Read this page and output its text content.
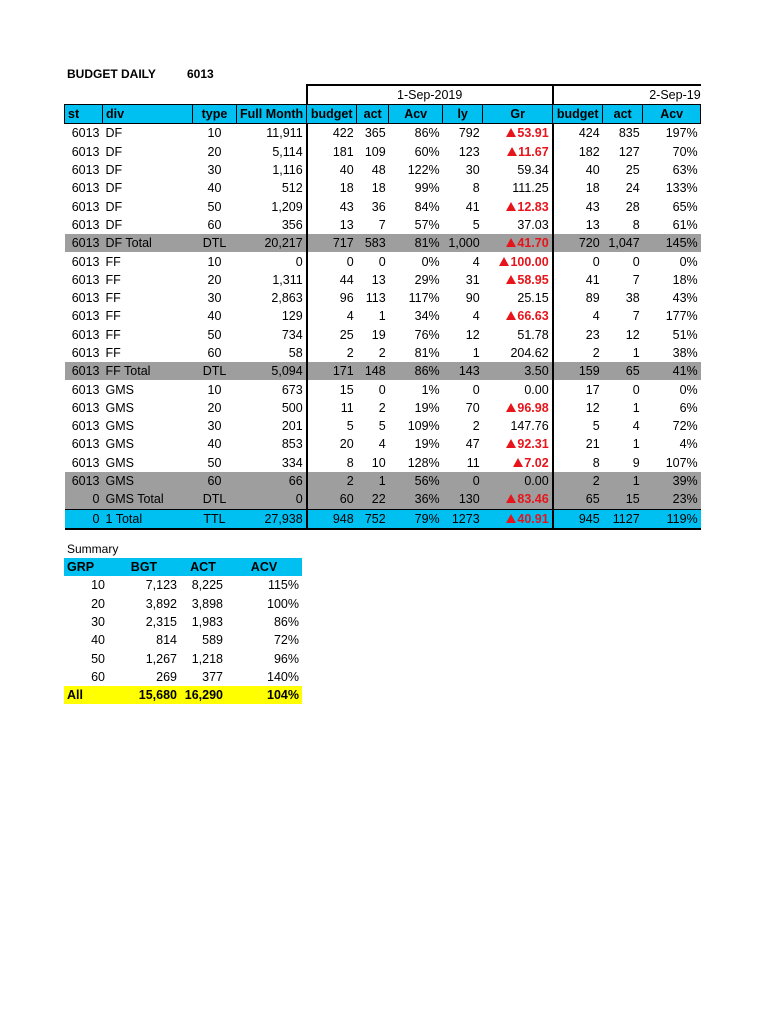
BUDGET DAILY	6013
				1-Sep-2019					2-Sep-19		
st	div	type	Full Month	budget	act	Acv	ly	Gr	budget	act	Acv
6013	DF	10	11,911	422	365	86%	792	53.91	424	835	197%
6013	DF	20	5,114	181	109	60%	123	11.67	182	127	70%
6013	DF	30	1,116	40	48	122%	30	59.34	40	25	63%
6013	DF	40	512	18	18	99%	8	111.25	18	24	133%
6013	DF	50	1,209	43	36	84%	41	12.83	43	28	65%
6013	DF	60	356	13	7	57%	5	37.03	13	8	61%
6013	DF Total	DTL	20,217	717	583	81%	1,000	41.70	720	1,047	145%
6013	FF	10	0	0	0	0%	4	100.00	0	0	0%
6013	FF	20	1,311	44	13	29%	31	58.95	41	7	18%
6013	FF	30	2,863	96	113	117%	90	25.15	89	38	43%
6013	FF	40	129	4	1	34%	4	66.63	4	7	177%
6013	FF	50	734	25	19	76%	12	51.78	23	12	51%
6013	FF	60	58	2	2	81%	1	204.62	2	1	38%
6013	FF Total	DTL	5,094	171	148	86%	143	3.50	159	65	41%
6013	GMS	10	673	15	0	1%	0	0.00	17	0	0%
6013	GMS	20	500	11	2	19%	70	96.98	12	1	6%
6013	GMS	30	201	5	5	109%	2	147.76	5	4	72%
6013	GMS	40	853	20	4	19%	47	92.31	21	1	4%
6013	GMS	50	334	8	10	128%	11	7.02	8	9	107%
6013	GMS	60	66	2	1	56%	0	0.00	2	1	39%
0	GMS Total	DTL	0	60	22	36%	130	83.46	65	15	23%
0	1 Total	TTL	27,938	948	752	79%	1273	40.91	945	1127	119%
Summary
GRP	BGT	ACT	ACV
10	7,123	8,225	115%
20	3,892	3,898	100%
30	2,315	1,983	86%
40	814	589	72%
50	1,267	1,218	96%
60	269	377	140%
All	15,680	16,290	104%
